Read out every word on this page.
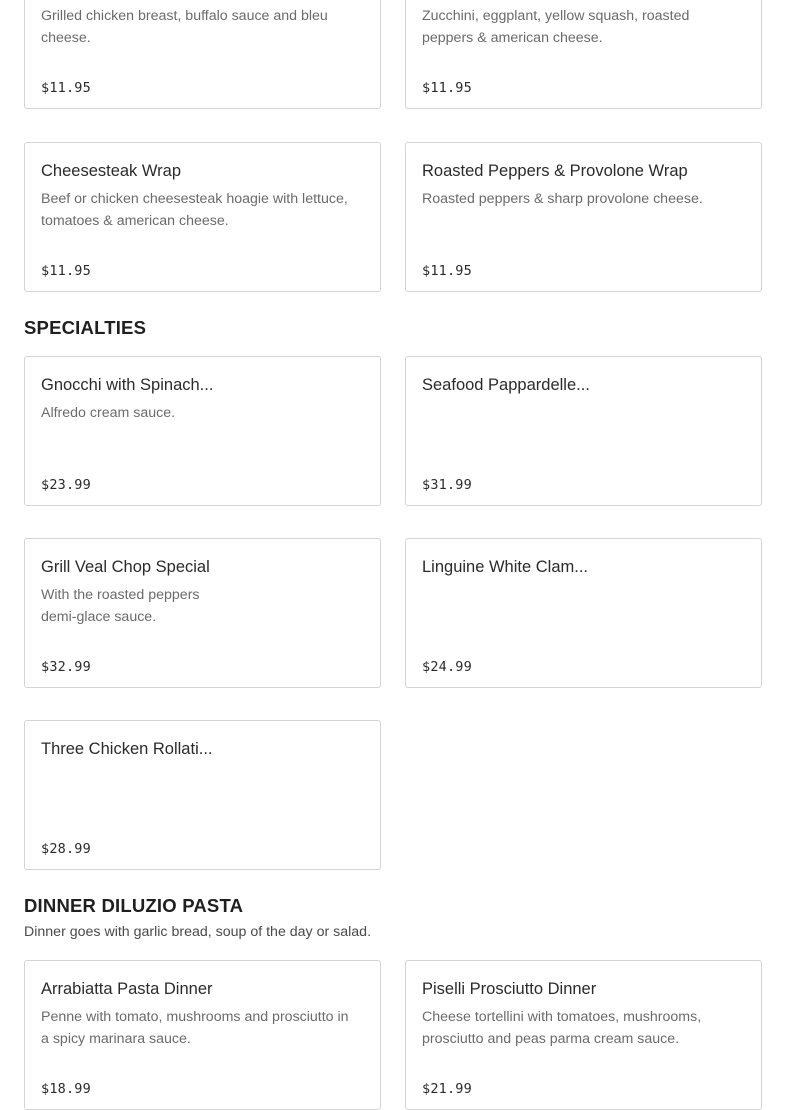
Grilled chicken breast, buffalo sauce and bleu cheese.
$11.95
Zucchini, eggplant, yellow squash, roasted peppers & american cheese.
$11.95
Cheesesteak Wrap
Beef or chicken cheesesteak hoagie with lettuce, tomatoes & american cheese.
$11.95
Roasted Peppers & Provolone Wrap
Roasted peppers & sharp provolone cheese.
$11.95
SPECIALTIES
Gnocchi with Spinach...
Alfredo cream sauce.
$23.99
Seafood Pappardelle...
$31.99
Grill Veal Chop Special
With the roasted peppers
demi-glace sauce.
$32.99
Linguine White Clam...
$24.99
Three Chicken Rollati...
$28.99
DINNER DILUZIO PASTA
Dinner goes with garlic bread, soup of the day or salad.
Arrabiatta Pasta Dinner
Penne with tomato, mushrooms and prosciutto in a spicy marinara sauce.
$18.99
Piselli Prosciutto Dinner
Cheese tortellini with tomatoes, mushrooms, prosciutto and peas parma cream sauce.
$21.99
